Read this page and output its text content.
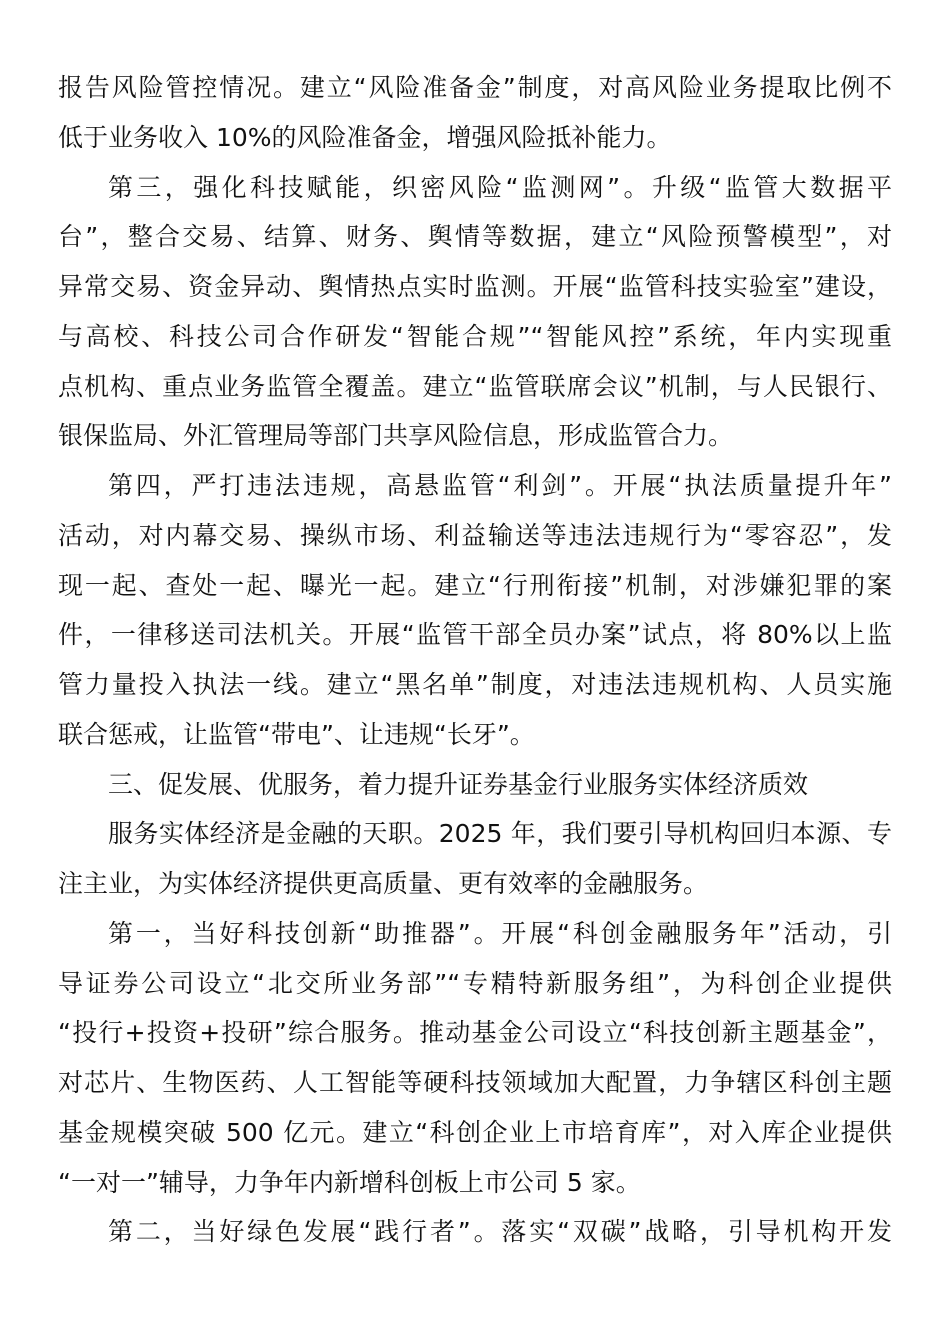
报告风险管控情况。建立“风险准备金”制度，对高风险业务提取比例不
低于业务收入 10%的风险准备金，增强风险抵补能力。
第三，强化科技赋能，织密风险“监测网”。升级“监管大数据平
台”，整合交易、结算、财务、舆情等数据，建立“风险预警模型”，对
异常交易、资金异动、舆情热点实时监测。开展“监管科技实验室”建设，
与高校、科技公司合作研发“智能合规”“智能风控”系统，年内实现重
点机构、重点业务监管全覆盖。建立“监管联席会议”机制，与人民银行、
银保监局、外汇管理局等部门共享风险信息，形成监管合力。
第四，严打违法违规，高悬监管“利剑”。开展“执法质量提升年”
活动，对内幕交易、操纵市场、利益输送等违法违规行为“零容忍”，发
现一起、查处一起、曝光一起。建立“行刑衔接”机制，对涉嫌犯罪的案
件，一律移送司法机关。开展“监管干部全员办案”试点，将 80%以上监
管力量投入执法一线。建立“黑名单”制度，对违法违规机构、人员实施
联合惩戒，让监管“带电”、让违规“长牙”。
三、促发展、优服务，着力提升证券基金行业服务实体经济质效
服务实体经济是金融的天职。2025 年，我们要引导机构回归本源、专
注主业，为实体经济提供更高质量、更有效率的金融服务。
第一，当好科技创新“助推器”。开展“科创金融服务年”活动，引
导证券公司设立“北交所业务部”“专精特新服务组”，为科创企业提供
“投行+投资+投研”综合服务。推动基金公司设立“科技创新主题基金”，
对芯片、生物医药、人工智能等硬科技领域加大配置，力争辖区科创主题
基金规模突破 500 亿元。建立“科创企业上市培育库”，对入库企业提供
“一对一”辅导，力争年内新增科创板上市公司 5 家。
第二，当好绿色发展“践行者”。落实“双碳”战略，引导机构开发
